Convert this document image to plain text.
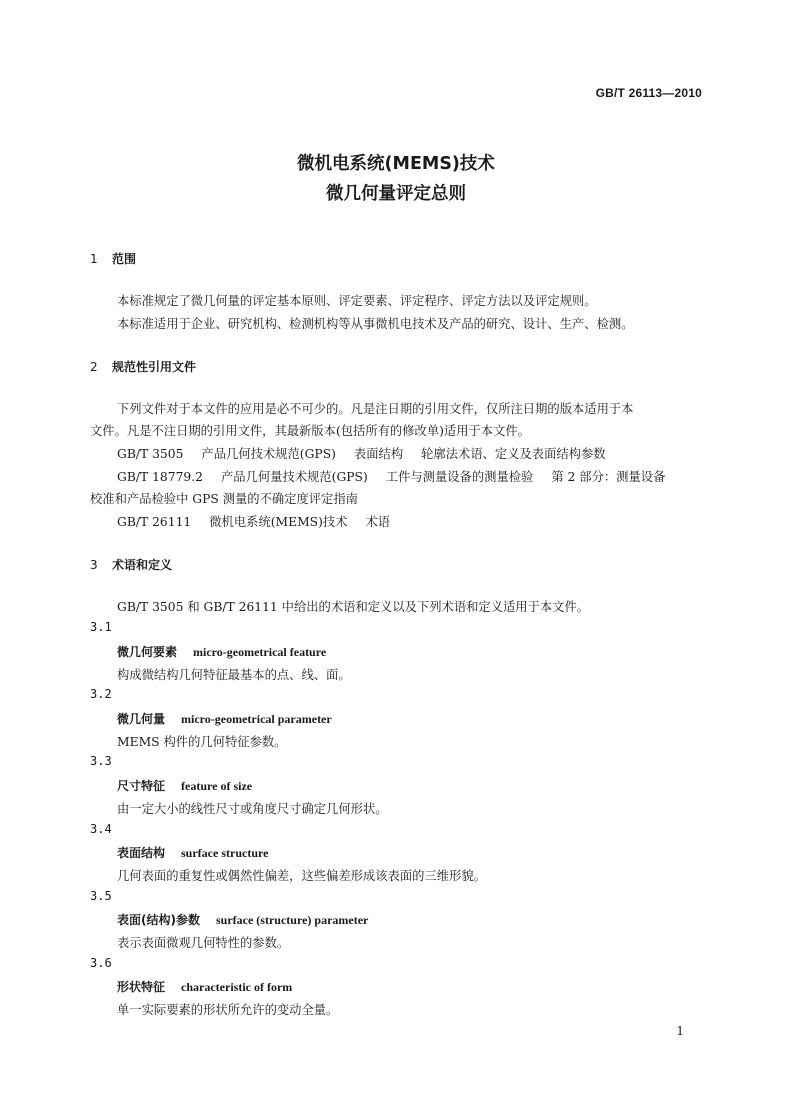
GB/T 26113—2010
微机电系统(MEMS)技术
微几何量评定总则
1 范围
本标准规定了微几何量的评定基本原则、评定要素、评定程序、评定方法以及评定规则。
本标准适用于企业、研究机构、检测机构等从事微机电技术及产品的研究、设计、生产、检测。
2 规范性引用文件
下列文件对于本文件的应用是必不可少的。凡是注日期的引用文件，仅所注日期的版本适用于本
文件。凡是不注日期的引用文件，其最新版本(包括所有的修改单)适用于本文件。
GB/T 3505 产品几何技术规范(GPS) 表面结构 轮廓法术语、定义及表面结构参数
GB/T 18779.2 产品几何量技术规范(GPS) 工件与测量设备的测量检验 第 2 部分：测量设备
校准和产品检验中 GPS 测量的不确定度评定指南
GB/T 26111 微机电系统(MEMS)技术 术语
3 术语和定义
GB/T 3505 和 GB/T 26111 中给出的术语和定义以及下列术语和定义适用于本文件。
3.1
微几何要素 micro-geometrical feature
构成微结构几何特征最基本的点、线、面。
3.2
微几何量 micro-geometrical parameter
MEMS 构件的几何特征参数。
3.3
尺寸特征 feature of size
由一定大小的线性尺寸或角度尺寸确定几何形状。
3.4
表面结构 surface structure
几何表面的重复性或偶然性偏差，这些偏差形成该表面的三维形貌。
3.5
表面(结构)参数 surface (structure) parameter
表示表面微观几何特性的参数。
3.6
形状特征 characteristic of form
单一实际要素的形状所允许的变动全量。
1
